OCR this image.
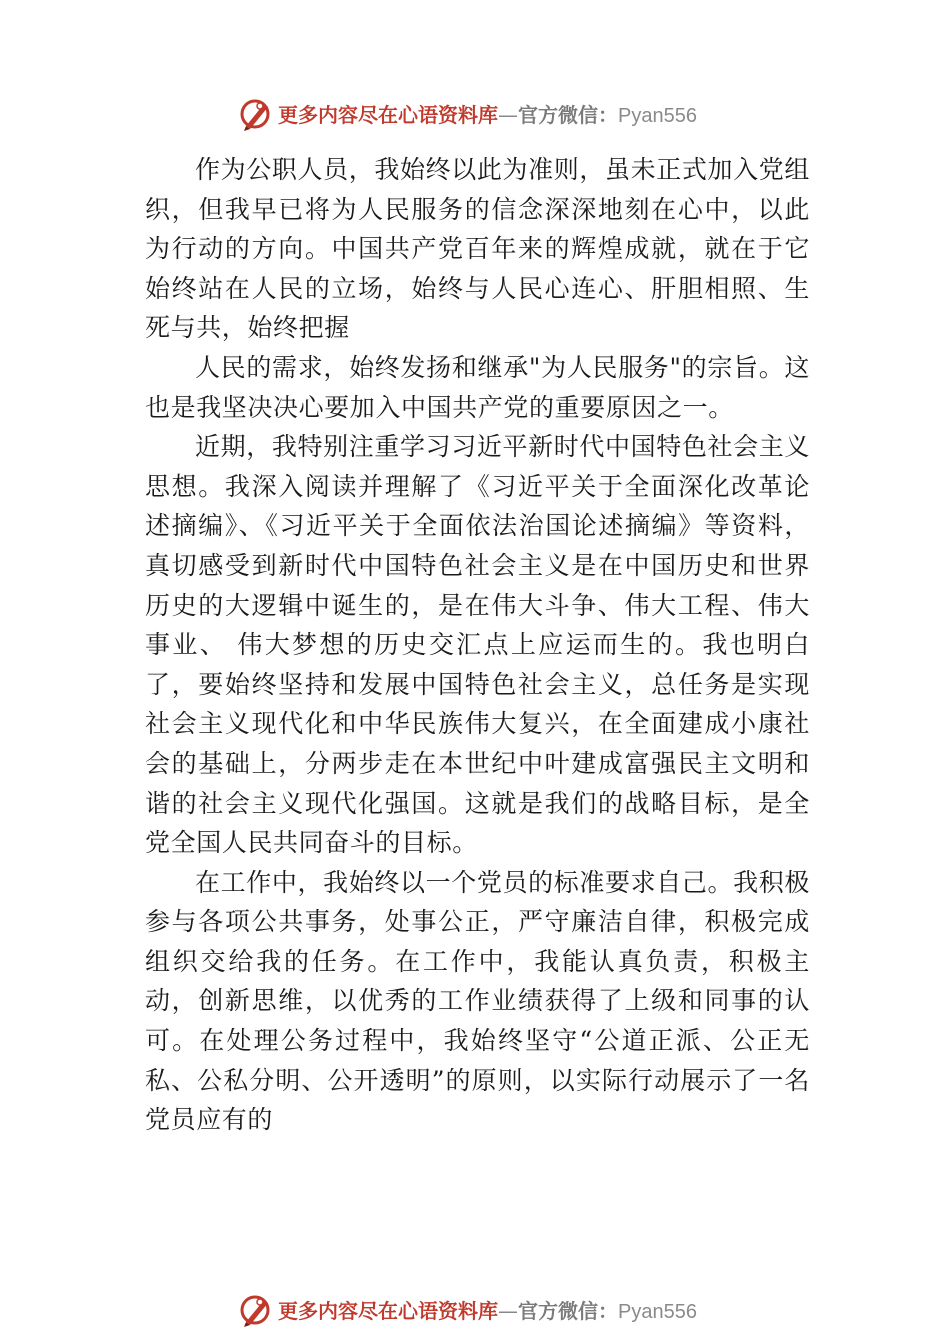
更多内容尽在心语资料库—官方微信：Pyan556

作为公职人员，我始终以此为准则，虽未正式加入党组织，但我早已将为人民服务的信念深深地刻在心中，以此为行动的方向。中国共产党百年来的辉煌成就，就在于它始终站在人民的立场，始终与人民心连心、肝胆相照、生死与共，始终把握

人民的需求，始终发扬和继承"为人民服务"的宗旨。这也是我坚决决心要加入中国共产党的重要原因之一。

近期，我特别注重学习习近平新时代中国特色社会主义思想。我深入阅读并理解了《习近平关于全面深化改革论述摘编》、《习近平关于全面依法治国论述摘编》等资料，真切感受到新时代中国特色社会主义是在中国历史和世界历史的大逻辑中诞生的，是在伟大斗争、伟大工程、伟大事业、 伟大梦想的历史交汇点上应运而生的。我也明白了，要始终坚持和发展中国特色社会主义，总任务是实现社会主义现代化和中华民族伟大复兴，在全面建成小康社会的基础上，分两步走在本世纪中叶建成富强民主文明和谐的社会主义现代化强国。这就是我们的战略目标，是全党全国人民共同奋斗的目标。

在工作中，我始终以一个党员的标准要求自己。我积极参与各项公共事务，处事公正，严守廉洁自律，积极完成组织交给我的任务。在工作中，我能认真负责，积极主动，创新思维，以优秀的工作业绩获得了上级和同事的认可。在处理公务过程中，我始终坚守“公道正派、公正无私、公私分明、公开透明”的原则，以实际行动展示了一名党员应有的

更多内容尽在心语资料库—官方微信：Pyan556
